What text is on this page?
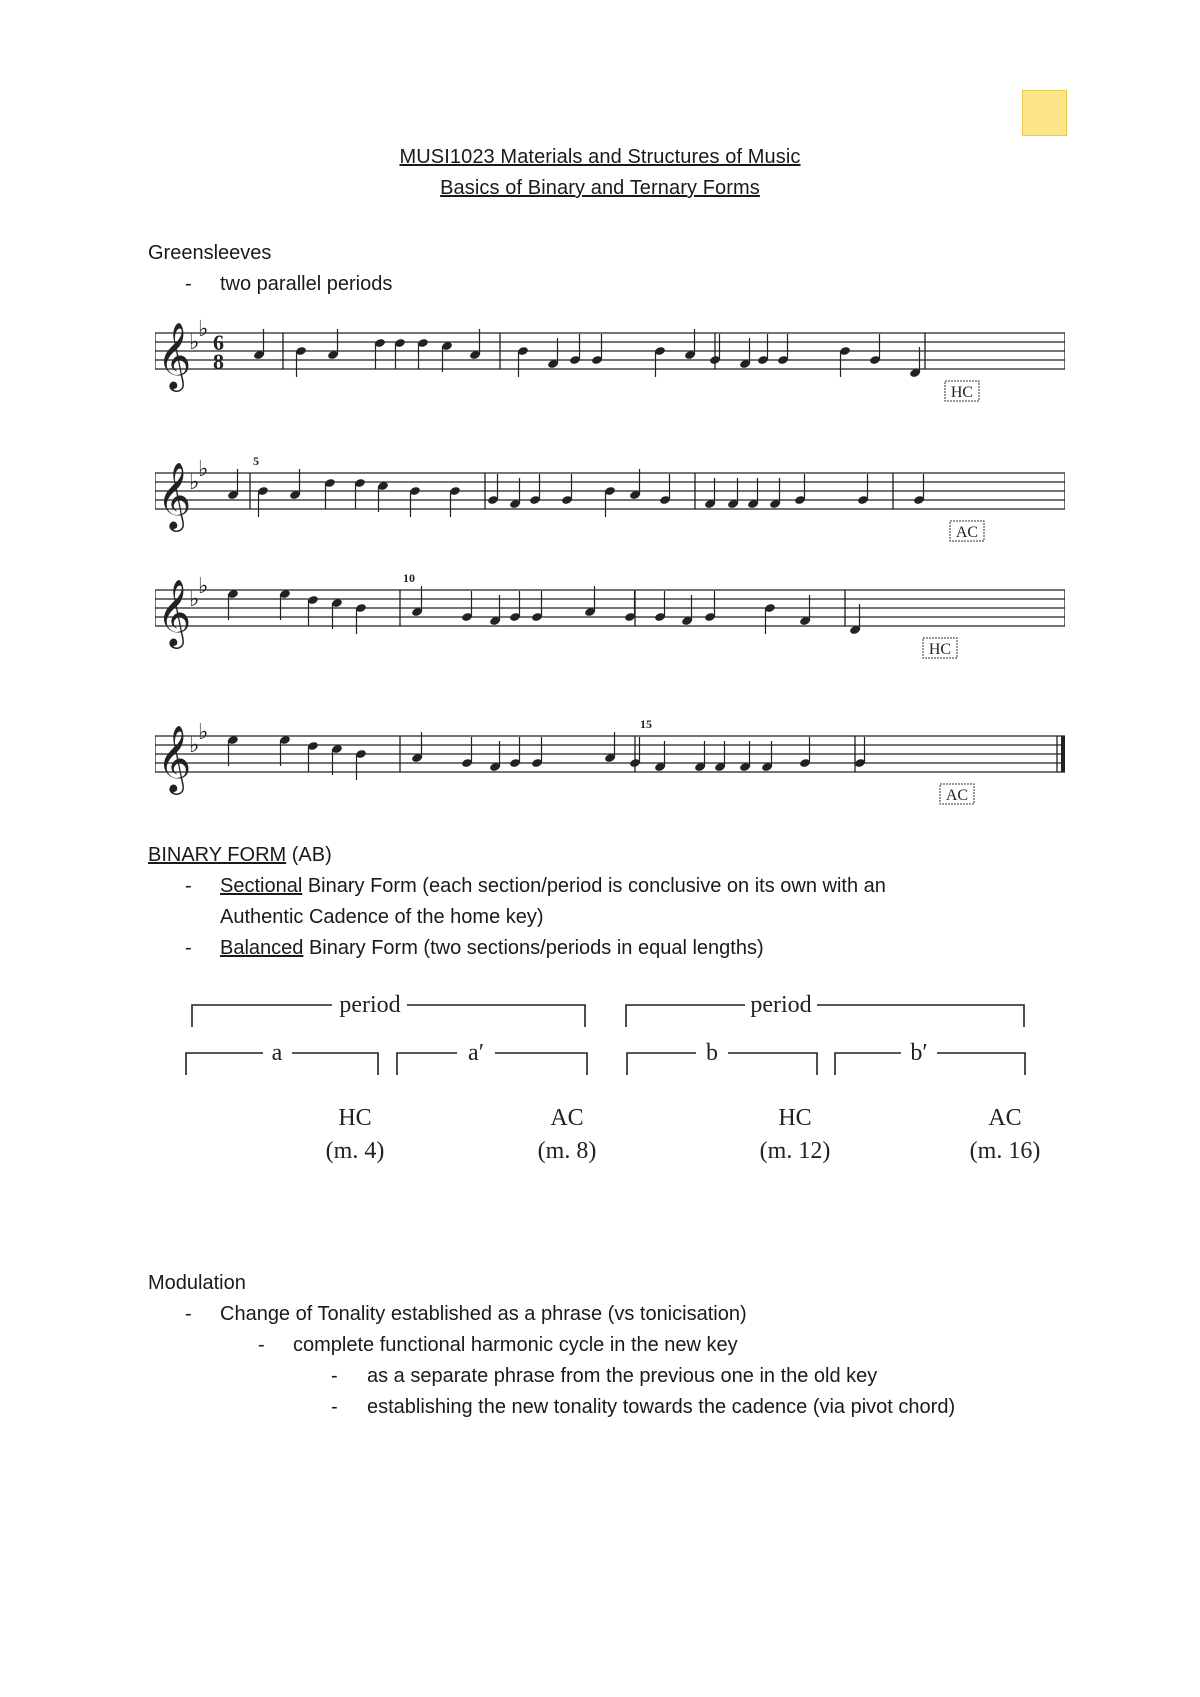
MUSI1023 Materials and Structures of Music
Basics of Binary and Ternary Forms
Greensleeves
- two parallel periods
𝄞
♭
♭
6
8
HC
𝄞
♭
♭	5
AC
𝄞
♭
♭	10
HC
𝄞
♭
♭	15
AC
BINARY FORM (AB)
- Sectional Binary Form (each section/period is conclusive on its own with an
Authentic Cadence of the home key)
- Balanced Binary Form (two sections/periods in equal lengths)
period	period
a	a′	b	b′
HC
(m. 4)
AC
(m. 8)
HC
(m. 12)
AC
(m. 16)
Modulation
- Change of Tonality established as a phrase (vs tonicisation)
- complete functional harmonic cycle in the new key
- as a separate phrase from the previous one in the old key
- establishing the new tonality towards the cadence (via pivot chord)
